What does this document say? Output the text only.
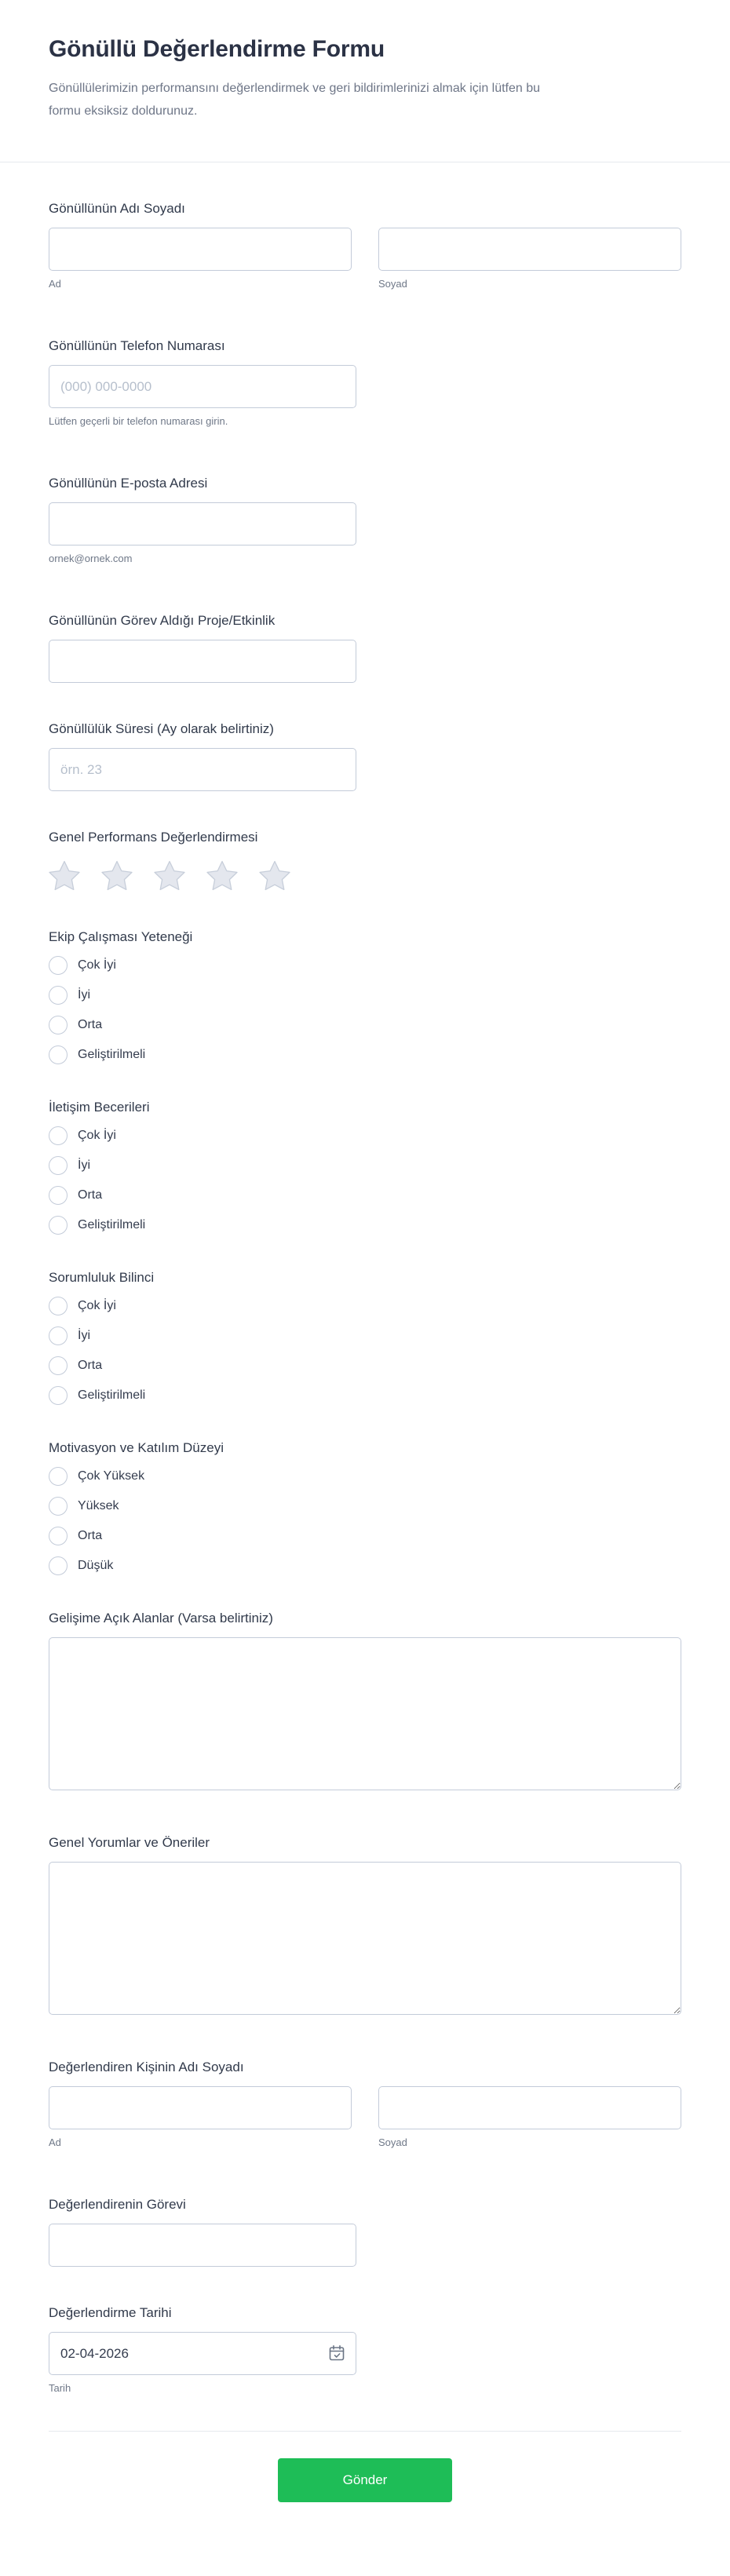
Gönüllü Değerlendirme Formu

Gönüllülerimizin performansını değerlendirmek ve geri bildirimlerinizi almak için lütfen bu formu eksiksiz doldurunuz.

Gönüllünün Adı Soyadı
Ad	Soyad
Gönüllünün Telefon Numarası
(000) 000-0000
Lütfen geçerli bir telefon numarası girin.
Gönüllünün E-posta Adresi
ornek@ornek.com
Gönüllünün Görev Aldığı Proje/Etkinlik
Gönüllülük Süresi (Ay olarak belirtiniz)
örn. 23
Genel Performans Değerlendirmesi
Ekip Çalışması Yeteneği
Çok İyi
İyi
Orta
Geliştirilmeli
İletişim Becerileri
Çok İyi
İyi
Orta
Geliştirilmeli
Sorumluluk Bilinci
Çok İyi
İyi
Orta
Geliştirilmeli
Motivasyon ve Katılım Düzeyi
Çok Yüksek
Yüksek
Orta
Düşük
Gelişime Açık Alanlar (Varsa belirtiniz)
Genel Yorumlar ve Öneriler
Değerlendiren Kişinin Adı Soyadı
Ad	Soyad
Değerlendirenin Görevi
Değerlendirme Tarihi
02-04-2026
Tarih
Gönder
